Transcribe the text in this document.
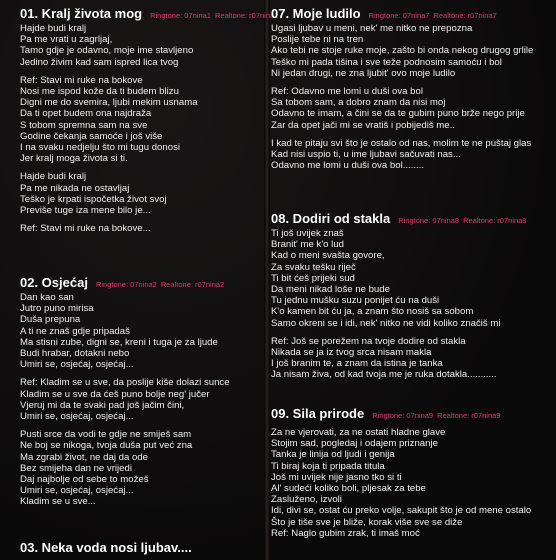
01. Kralj života mog Ringtone: 07nina1 Realtone: r07nina1
Hajde budi kralj
Pa me vrati u zagrljaj,
Tamo gdje je odavno, moje ime stavljeno
Jedino živim kad sam ispred lica tvog
Ref: Stavi mi ruke na bokove
Nosi me ispod kože da ti budem blizu
Digni me do svemira, ljubi mekim usnama
Da ti opet budem ona najdraža
S tobom spremna sam na sve
Godine čekanja samoće i još više
I na svaku nedjelju što mi tugu donosi
Jer kralj moga života si ti.
Hajde budi kralj
Pa me nikada ne ostavljaj
Teško je krpati ispočetka život svoj
Previše tuge iza mene bilo je...
Ref: Stavi mi ruke na bokove...
02. Osjećaj Ringtone: 07nina2 Realtone: r07nina2
Dan kao san
Jutro puno mirisa
Duša prepuna
A ti ne znaš gdje pripadaš
Ma stisni zube, digni se, kreni i tuga je za ljude
Budi hrabar, dotakni nebo
Umiri se, osjećaj, osjećaj...
Ref: Kladim se u sve, da poslije kiše dolazi sunce
Kladim se u sve da ćeš puno bolje neg' jučer
Vjeruj mi da te svaki pad još jačim čini,
Umiri se, osjećaj, osjećaj...
Pusti srce da vodi te gdje ne smiješ sam
Ne boj se nikoga, tvoja duša put već zna
Ma zgrabi život, ne daj da ode
Bez smijeha dan ne vrijedi
Daj najbolje od sebe to možeš
Umiri se, osjećaj, osjećaj...
Kladim se u sve...
03. Neka voda nosi ljubav....
07. Moje ludilo Ringtone: 07nina7 Realtone: r07nina7
Ugasi ljubav u meni, nek' me nitko ne prepozna
Poslije tebe ni na tren
Ako tebi ne stoje ruke moje, zašto bi onda nekog drugog grlile
Teško mi pada tišina i sve teže podnosim samoću i bol
Ni jedan drugi, ne zna ljubit' ovo moje ludilo
Ref: Odavno me lomi u duši ova bol
Sa tobom sam, a dobro znam da nisi moj
Odavno te imam, a čini se da te gubim puno brže nego prije
Zar da opet jači mi se vratiš i pobijediš me..
I kad te pitaju svi što je ostalo od nas, molim te ne puštaj glas
Kad nisi uspio ti, u ime ljubavi sačuvati nas...
Odavno me lomi u duši ova bol........
08. Dodiri od stakla Ringtone: 07nina8 Realtone: r07nina8
Ti još uvijek znaš
Branit' me k'o lud
Kad o meni svašta govore,
Za svaku tešku riječ
Ti bit ćeš prijeki sud
Da meni nikad loše ne bude
Tu jednu mušku suzu ponijet ću na duši
K'o kamen bit ću ja, a znam što nosiš sa sobom
Samo okreni se i idi, nek' nitko ne vidi koliko značiš mi
Ref: Još se porežem na tvoje dodire od stakla
Nikada se ja iz tvog srca nisam makla
I još branim te, a znam da istina je tanka
Ja nisam živa, od kad tvoja me je ruka dotakla...........
09. Sila prirode Ringtone: 07nina9 Realtone: r07nina9
Za ne vjerovati, za ne ostati hladne glave
Stojim sad, pogledaj i odajem priznanje
Tanka je linija od ljudi i genija
Ti biraj koja ti pripada titula
Još mi uvijek nije jasno tko si ti
Al' sudeći koliko boli, pljesak za tebe
Zasluženo, izvoli
Idi, divi se, ostat ću preko volje, sakupit što je od mene ostalo
Što je tiše sve je bliže, korak više sve se diže
Ref: Naglo gubim zrak, ti imaš moć
